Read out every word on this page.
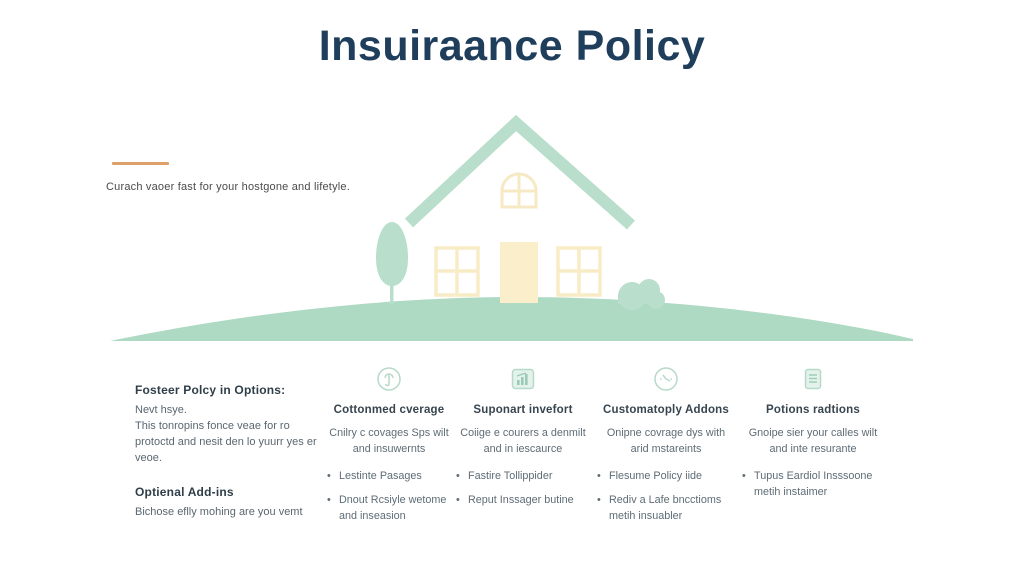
Insuiraance Policy
Curach vaoer fast for your hostgone and lifetyle.
Fosteer Polcy in Options:

Nevt hsye.
This tonropins fonce veae for ro protoctd and nesit den lo yuurr yes er veoe.

Optienal Add-ins

Bichose eflly mohing are you vemt

Cottonmed cverage

Cnilry c covages Sps wilt and insuwernts

• Lestinte Pasages
• Dnout Rcsiyle wetome and inseasion
Suponart invefort

Coiige e courers a denmilt and in iescaurce

• Fastire Tollippider
• Reput Inssager butine
Customatoply Addons

Onipne covrage dys with arid mstareints

• Flesume Policy iide
• Rediv a Lafe bncctioms metih insuabler
Potions radtions

Gnoipe sier your calles wilt and inte resurante

• Tupus Eardiol Insssoone metih instaimer
